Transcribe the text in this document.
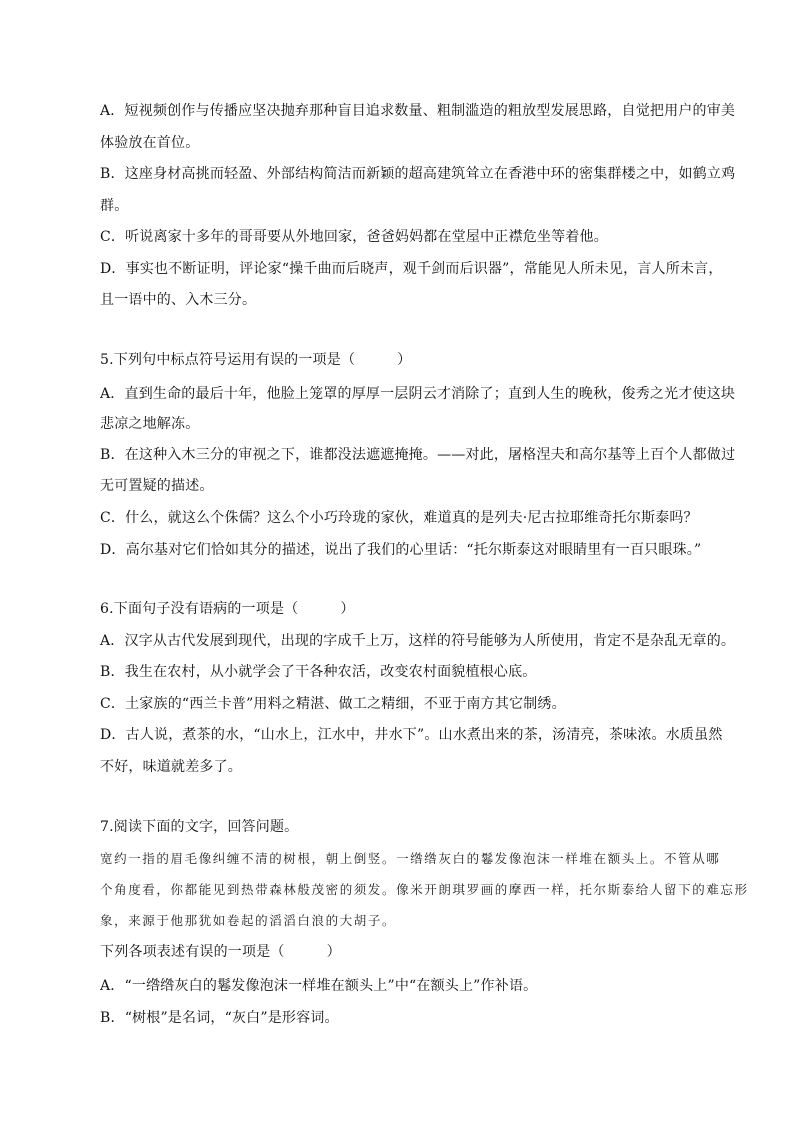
A．短视频创作与传播应坚决抛弃那种盲目追求数量、粗制滥造的粗放型发展思路，自觉把用户的审美
体验放在首位。
B．这座身材高挑而轻盈、外部结构简洁而新颖的超高建筑耸立在香港中环的密集群楼之中，如鹤立鸡
群。
C．听说离家十多年的哥哥要从外地回家，爸爸妈妈都在堂屋中正襟危坐等着他。
D．事实也不断证明，评论家“操千曲而后晓声，观千剑而后识器”，常能见人所未见，言人所未言，
且一语中的、入木三分。
5.下列句中标点符号运用有误的一项是（	）
A．直到生命的最后十年，他脸上笼罩的厚厚一层阴云才消除了；直到人生的晚秋，俊秀之光才使这块
悲凉之地解冻。
B．在这种入木三分的审视之下，谁都没法遮遮掩掩。——对此，屠格涅夫和高尔基等上百个人都做过
无可置疑的描述。
C．什么，就这么个侏儒？这么个小巧玲珑的家伙，难道真的是列夫·尼古拉耶维奇托尔斯泰吗？
D．高尔基对它们恰如其分的描述，说出了我们的心里话：“托尔斯泰这对眼睛里有一百只眼珠。”
6.下面句子没有语病的一项是（	）
A．汉字从古代发展到现代，出现的字成千上万，这样的符号能够为人所使用，肯定不是杂乱无章的。
B．我生在农村，从小就学会了干各种农活，改变农村面貌植根心底。
C．土家族的“西兰卡普”用料之精湛、做工之精细，不亚于南方其它制绣。
D．古人说，煮茶的水，“山水上，江水中，井水下”。山水煮出来的茶，汤清亮，茶味浓。水质虽然
不好，味道就差多了。
7.阅读下面的文字，回答问题。
宽约一指的眉毛像纠缠不清的树根，朝上倒竖。一绺绺灰白的鬈发像泡沫一样堆在额头上。不管从哪
个角度看，你都能见到热带森林般茂密的须发。像米开朗琪罗画的摩西一样，托尔斯泰给人留下的难忘形
象，来源于他那犹如卷起的滔滔白浪的大胡子。
下列各项表述有误的一项是（	）
A．“一绺绺灰白的鬈发像泡沫一样堆在额头上”中“在额头上”作补语。
B．“树根”是名词，“灰白”是形容词。
